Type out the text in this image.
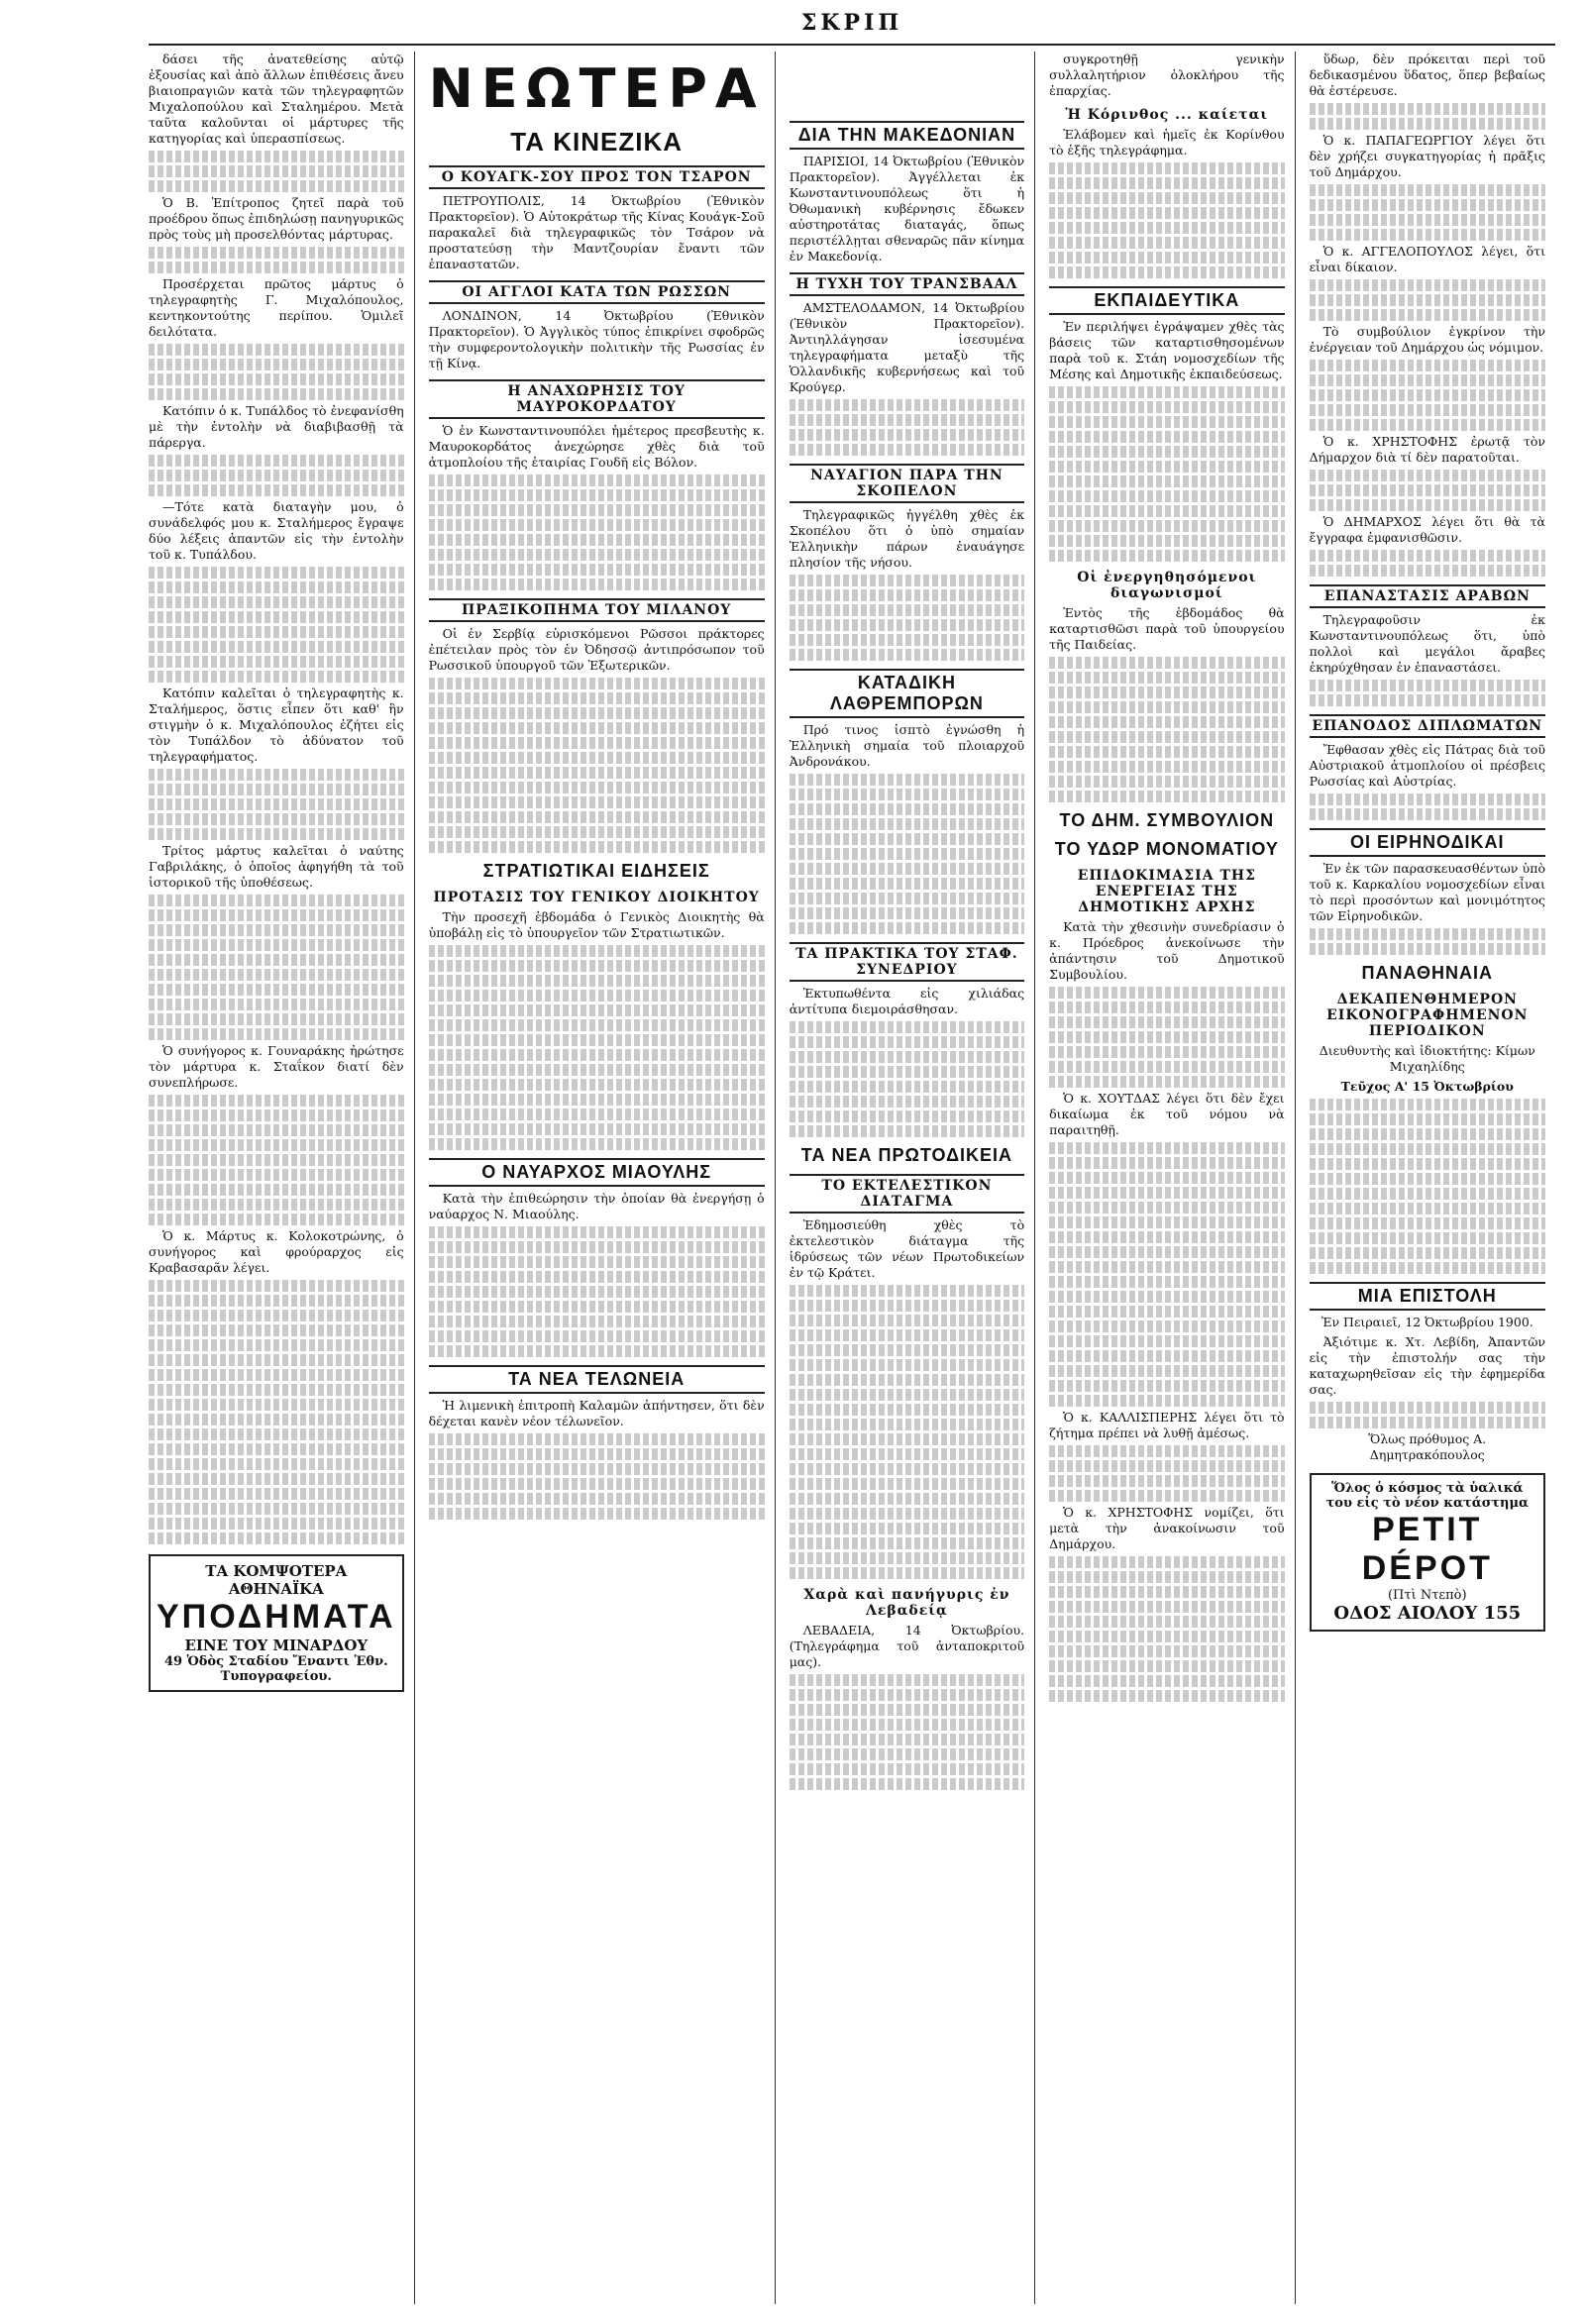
ΣΚΡΙΠ

δάσει τῆς ἀνατεθείσης αὐτῷ ἐξουσίας καὶ ἀπὸ ἄλλων ἐπιθέσεις ἄνευ βιαιοπραγιῶν κατὰ τῶν τηλεγραφητῶν Μιχαλοπούλου καὶ Σταλημέρου. Μετὰ ταῦτα καλοῦνται οἱ μάρτυρες τῆς κατηγορίας καὶ ὑπερασπίσεως.

Ὁ Β. Ἐπίτροπος ζητεῖ παρὰ τοῦ προέδρου ὅπως ἐπιδηλώσῃ πανηγυρικῶς πρὸς τοὺς μὴ προσελθόντας μάρτυρας.

Προσέρχεται πρῶτος μάρτυς ὁ τηλεγραφητὴς Γ. Μιχαλόπουλος, κεντηκοντούτης περίπου. Ὁμιλεῖ δειλότατα.

Κατόπιν ὁ κ. Τυπάλδος τὸ ἐνεφανίσθη μὲ τὴν ἐντολὴν νὰ διαβιβασθῇ τὰ πάρεργα.

—Τότε κατὰ διαταγὴν μου, ὁ συνάδελφός μου κ. Σταλήμερος ἔγραψε δύο λέξεις ἀπαντῶν εἰς τὴν ἐντολὴν τοῦ κ. Τυπάλδου.

Κατόπιν καλεῖται ὁ τηλεγραφητὴς κ. Σταλήμερος, ὅστις εἶπεν ὅτι καθ' ἣν στιγμὴν ὁ κ. Μιχαλόπουλος ἐζήτει εἰς τὸν Τυπάλδον τὸ ἀδύνατον τοῦ τηλεγραφήματος.

Τρίτος μάρτυς καλεῖται ὁ ναύτης Γαβριλάκης, ὁ ὁποῖος ἀφηγήθη τὰ τοῦ ἱστορικοῦ τῆς ὑποθέσεως.

Ὁ συνήγορος κ. Γουναράκης ἠρώτησε τὸν μάρτυρα κ. Σταΐκον διατί δὲν συνεπλήρωσε.

Ὁ κ. Μάρτυς κ. Κολοκοτρώνης, ὁ συνήγορος καὶ φρούραρχος εἰς Κραβασαρᾶν λέγει.

ΤΑ ΚΟΜΨΟΤΕΡΑ ΑΘΗΝΑΪΚΑ
ΥΠΟΔΗΜΑΤΑ
ΕΙΝΕ ΤΟΥ ΜΙΝΑΡΔΟΥ
49 Ὁδὸς Σταδίου Ἔναντι Ἐθν. Τυπογραφείου.
ΝΕΩΤΕΡΑ
ΤΑ ΚΙΝΕΖΙΚΑ
Ο ΚΟΥΑΓΚ-ΣΟΥ ΠΡΟΣ ΤΟΝ ΤΣΑΡΟΝ

ΠΕΤΡΟΥΠΟΛΙΣ, 14 Ὀκτωβρίου (Ἐθνικὸν Πρακτορεῖον). Ὁ Αὐτοκράτωρ τῆς Κίνας Κουάγκ-Σοῦ παρακαλεῖ διὰ τηλεγραφικῶς τὸν Τσάρον νὰ προστατεύσῃ τὴν Μαντζουρίαν ἔναντι τῶν ἐπαναστατῶν.

ΟΙ ΑΓΓΛΟΙ ΚΑΤΑ ΤΩΝ ΡΩΣΣΩΝ

ΛΟΝΔΙΝΟΝ, 14 Ὀκτωβρίου (Ἐθνικὸν Πρακτορεῖον). Ὁ Ἀγγλικὸς τύπος ἐπικρίνει σφοδρῶς τὴν συμφεροντολογικὴν πολιτικὴν τῆς Ρωσσίας ἐν τῇ Κίνᾳ.

Η ΑΝΑΧΩΡΗΣΙΣ ΤΟΥ ΜΑΥΡΟΚΟΡΔΑΤΟΥ

Ὁ ἐν Κωνσταντινουπόλει ἡμέτερος πρεσβευτὴς κ. Μαυροκορδάτος ἀνεχώρησε χθὲς διὰ τοῦ ἀτμοπλοίου τῆς ἑταιρίας Γουδῆ εἰς Βόλον.

ΠΡΑΞΙΚΟΠΗΜΑ ΤΟΥ ΜΙΛΑΝΟΥ

Οἱ ἐν Σερβίᾳ εὑρισκόμενοι Ρῶσσοι πράκτορες ἐπέτειλαν πρὸς τὸν ἐν Ὀδησσῷ ἀντιπρόσωπον τοῦ Ρωσσικοῦ ὑπουργοῦ τῶν Ἐξωτερικῶν.

ΣΤΡΑΤΙΩΤΙΚΑΙ ΕΙΔΗΣΕΙΣ
ΠΡΟΤΑΣΙΣ ΤΟΥ ΓΕΝΙΚΟΥ ΔΙΟΙΚΗΤΟΥ

Τὴν προσεχῆ ἑβδομάδα ὁ Γενικὸς Διοικητὴς θὰ ὑποβάλῃ εἰς τὸ ὑπουργεῖον τῶν Στρατιωτικῶν.

Ο ΝΑΥΑΡΧΟΣ ΜΙΑΟΥΛΗΣ

Κατὰ τὴν ἐπιθεώρησιν τὴν ὁποίαν θὰ ἐνεργήσῃ ὁ ναύαρχος Ν. Μιαούλης.

ΤΑ ΝΕΑ ΤΕΛΩΝΕΙΑ

Ἡ λιμενικὴ ἐπιτροπὴ Καλαμῶν ἀπήντησεν, ὅτι δὲν δέχεται κανὲν νέον τέλωνεῖον.

ΔΙΑ ΤΗΝ ΜΑΚΕΔΟΝΙΑΝ

ΠΑΡΙΣΙΟΙ, 14 Ὀκτωβρίου (Ἐθνικὸν Πρακτορεῖον). Ἀγγέλλεται ἐκ Κωνσταντινουπόλεως ὅτι ἡ Ὀθωμανικὴ κυβέρνησις ἔδωκεν αὐστηροτάτας διαταγάς, ὅπως περιστέλλῃται σθεναρῶς πᾶν κίνημα ἐν Μακεδονίᾳ.

Η ΤΥΧΗ ΤΟΥ ΤΡΑΝΣΒΑΑΛ

ΑΜΣΤΕΛΟΔΑΜΟΝ, 14 Ὀκτωβρίου (Ἐθνικὸν Πρακτορεῖον). Ἀντιηλλάγησαν ἰσεσυμένα τηλεγραφήματα μεταξὺ τῆς Ὁλλανδικῆς κυβερνήσεως καὶ τοῦ Κρούγερ.

ΝΑΥΑΓΙΟΝ ΠΑΡΑ ΤΗΝ ΣΚΟΠΕΛΟΝ

Τηλεγραφικῶς ἠγγέλθη χθὲς ἐκ Σκοπέλου ὅτι ὁ ὑπὸ σημαίαν Ἑλληνικὴν πάρων ἐναυάγησε πλησίον τῆς νήσου.

ΚΑΤΑΔΙΚΗ ΛΑΘΡΕΜΠΟΡΩΝ

Πρό τινος ἰσπτὸ ἐγνώσθη ἡ Ἑλληνικὴ σημαία τοῦ πλοιαρχοῦ Ἀνδρονάκου.

ΤΑ ΠΡΑΚΤΙΚΑ ΤΟΥ ΣΤΑΦ. ΣΥΝΕΔΡΙΟΥ

Ἐκτυπωθέντα εἰς χιλιάδας ἀντίτυπα διεμοιράσθησαν.

ΤΑ ΝΕΑ ΠΡΩΤΟΔΙΚΕΙΑ
ΤΟ ΕΚΤΕΛΕΣΤΙΚΟΝ ΔΙΑΤΑΓΜΑ

Ἐδημοσιεύθη χθὲς τὸ ἐκτελεστικὸν διάταγμα τῆς ἱδρύσεως τῶν νέων Πρωτοδικείων ἐν τῷ Κράτει.

Χαρὰ καὶ πανήγυρις ἐν Λεβαδείᾳ

ΛΕΒΑΔΕΙΑ, 14 Ὀκτωβρίου. (Τηλεγράφημα τοῦ ἀνταποκριτοῦ μας).

συγκροτηθῇ γενικὴν συλλαλητήριον ὁλοκλήρου τῆς ἐπαρχίας.

Ἡ Κόρινθος ... καίεται

Ἐλάβομεν καὶ ἡμεῖς ἐκ Κορίνθου τὸ ἑξῆς τηλεγράφημα.

ΕΚΠΑΙΔΕΥΤΙΚΑ

Ἐν περιλήψει ἐγράψαμεν χθὲς τὰς βάσεις τῶν καταρτισθησομένων παρὰ τοῦ κ. Στάη νομοσχεδίων τῆς Μέσης καὶ Δημοτικῆς ἐκπαιδεύσεως.

Οἱ ἐνεργηθησόμενοι διαγωνισμοί

Ἐντὸς τῆς ἑβδομάδος θὰ καταρτισθῶσι παρὰ τοῦ ὑπουργείου τῆς Παιδείας.

ΤΟ ΔΗΜ. ΣΥΜΒΟΥΛΙΟΝ
ΤΟ ΥΔΩΡ ΜΟΝΟΜΑΤΙΟΥ
ΕΠΙΔΟΚΙΜΑΣΙΑ ΤΗΣ ΕΝΕΡΓΕΙΑΣ ΤΗΣ ΔΗΜΟΤΙΚΗΣ ΑΡΧΗΣ

Κατὰ τὴν χθεσινὴν συνεδρίασιν ὁ κ. Πρόεδρος ἀνεκοίνωσε τὴν ἀπάντησιν τοῦ Δημοτικοῦ Συμβουλίου.

Ὁ κ. ΧΟΥΤΔΑΣ λέγει ὅτι δὲν ἔχει δικαίωμα ἐκ τοῦ νόμου νὰ παραιτηθῇ.

Ὁ κ. ΚΑΛΛΙΣΠΕΡΗΣ λέγει ὅτι τὸ ζήτημα πρέπει νὰ λυθῇ ἀμέσως.

Ὁ κ. ΧΡΗΣΤΟΦΗΣ νομίζει, ὅτι μετὰ τὴν ἀνακοίνωσιν τοῦ Δημάρχου.

ὕδωρ, δὲν πρόκειται περὶ τοῦ δεδικασμένου ὕδατος, ὅπερ βεβαίως θὰ ἐστέρευσε.

Ὁ κ. ΠΑΠΑΓΕΩΡΓΙΟΥ λέγει ὅτι δὲν χρήζει συγκατηγορίας ἡ πρᾶξις τοῦ Δημάρχου.

Ὁ κ. ΑΓΓΕΛΟΠΟΥΛΟΣ λέγει, ὅτι εἶναι δίκαιον.

Τὸ συμβούλιον ἐγκρίνον τὴν ἐνέργειαν τοῦ Δημάρχου ὡς νόμιμον.

Ὁ κ. ΧΡΗΣΤΟΦΗΣ ἐρωτᾷ τὸν Δήμαρχον διὰ τί δὲν παρατοῦται.

Ὁ ΔΗΜΑΡΧΟΣ λέγει ὅτι θὰ τὰ ἔγγραφα ἐμφανισθῶσιν.

ΕΠΑΝΑΣΤΑΣΙΣ ΑΡΑΒΩΝ

Τηλεγραφοῦσιν ἐκ Κωνσταντινουπόλεως ὅτι, ὑπὸ πολλοὶ καὶ μεγάλοι ἄραβες ἐκηρύχθησαν ἐν ἐπαναστάσει.

ΕΠΑΝΟΔΟΣ ΔΙΠΛΩΜΑΤΩΝ

Ἔφθασαν χθὲς εἰς Πάτρας διὰ τοῦ Αὐστριακοῦ ἀτμοπλοίου οἱ πρέσβεις Ρωσσίας καὶ Αὐστρίας.

ΟΙ ΕΙΡΗΝΟΔΙΚΑΙ

Ἐν ἐκ τῶν παρασκευασθέντων ὑπὸ τοῦ κ. Καρκαλίου νομοσχεδίων εἶναι τὸ περὶ προσόντων καὶ μονιμότητος τῶν Εἰρηνοδικῶν.

ΠΑΝΑΘΗΝΑΙΑ
ΔΕΚΑΠΕΝΘΗΜΕΡΟΝ ΕΙΚΟΝΟΓΡΑΦΗΜΕΝΟΝ ΠΕΡΙΟΔΙΚΟΝ

Διευθυντὴς καὶ ἰδιοκτήτης: Κίμων Μιχαηλίδης

Τεῦχος Α' 15 Ὀκτωβρίου

ΜΙΑ ΕΠΙΣΤΟΛΗ

Ἐν Πειραιεῖ, 12 Ὀκτωβρίου 1900.

Ἀξιότιμε κ. Χτ. Λεβίδη, Ἀπαντῶν εἰς τὴν ἐπιστολήν σας τὴν καταχωρηθεῖσαν εἰς τὴν ἐφημερίδα σας.

Ὅλως πρόθυμος Α. Δημητρακόπουλος

Ὅλος ὁ κόσμος τὰ ὑαλικά του εἰς τὸ νέον κατάστημα
PETIT DÉPOT
(Πτὶ Ντεπὸ)
ΟΔΟΣ ΑΙΟΛΟΥ 155
